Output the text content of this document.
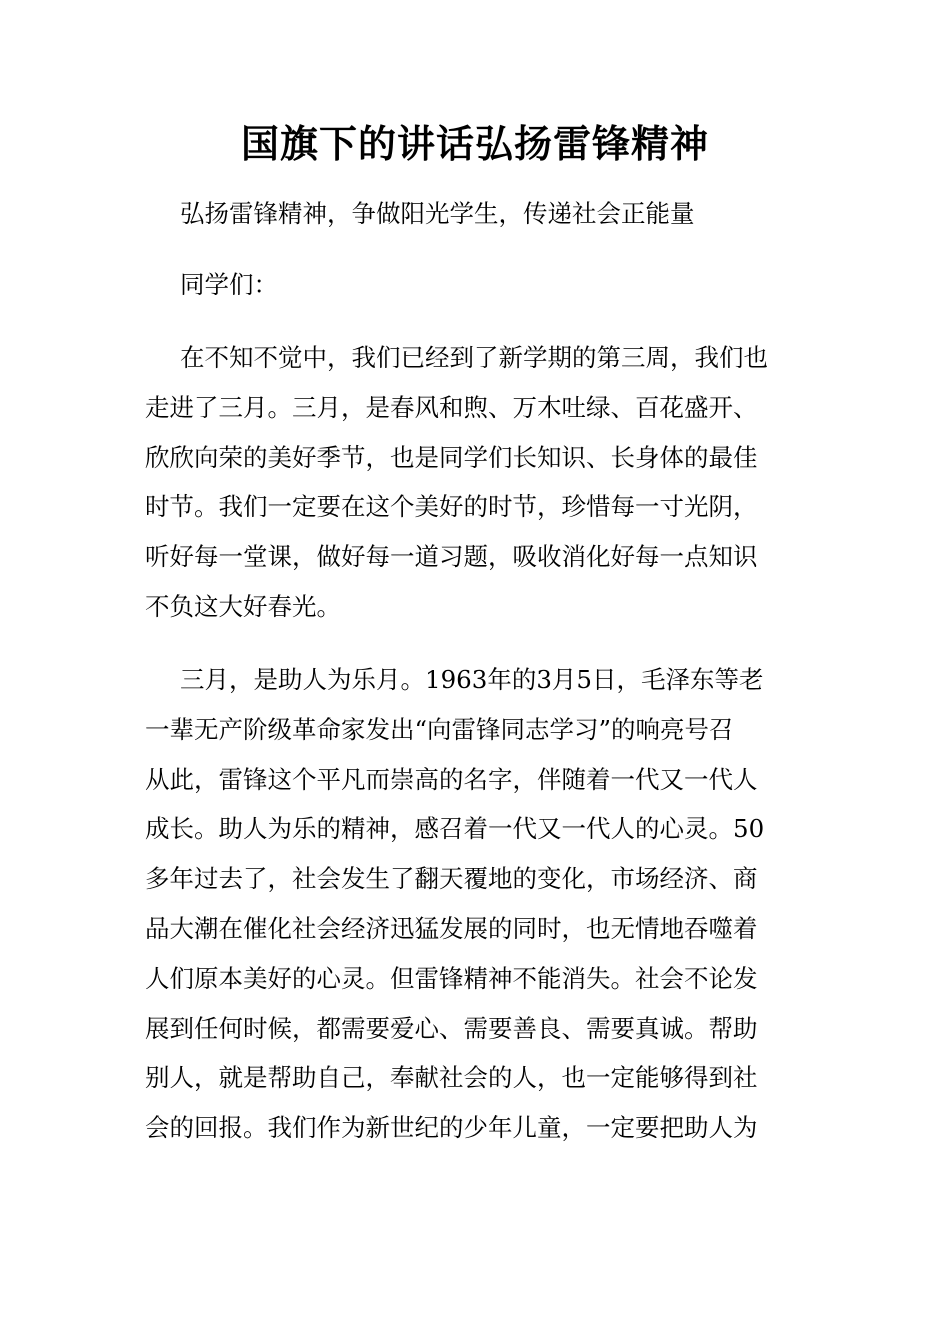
国旗下的讲话弘扬雷锋精神

弘扬雷锋精神，争做阳光学生，传递社会正能量

同学们：

在不知不觉中，我们已经到了新学期的第三周，我们也
走进了三月。三月，是春风和煦、万木吐绿、百花盛开、
欣欣向荣的美好季节，也是同学们长知识、长身体的最佳
时节。我们一定要在这个美好的时节，珍惜每一寸光阴，
听好每一堂课，做好每一道习题，吸收消化好每一点知识
不负这大好春光。
三月，是助人为乐月。1963年的3月5日，毛泽东等老
一辈无产阶级革命家发出“向雷锋同志学习”的响亮号召
从此，雷锋这个平凡而崇高的名字，伴随着一代又一代人
成长。助人为乐的精神，感召着一代又一代人的心灵。50
多年过去了，社会发生了翻天覆地的变化，市场经济、商
品大潮在催化社会经济迅猛发展的同时，也无情地吞噬着
人们原本美好的心灵。但雷锋精神不能消失。社会不论发
展到任何时候，都需要爱心、需要善良、需要真诚。帮助
别人，就是帮助自己，奉献社会的人，也一定能够得到社
会的回报。我们作为新世纪的少年儿童，一定要把助人为
